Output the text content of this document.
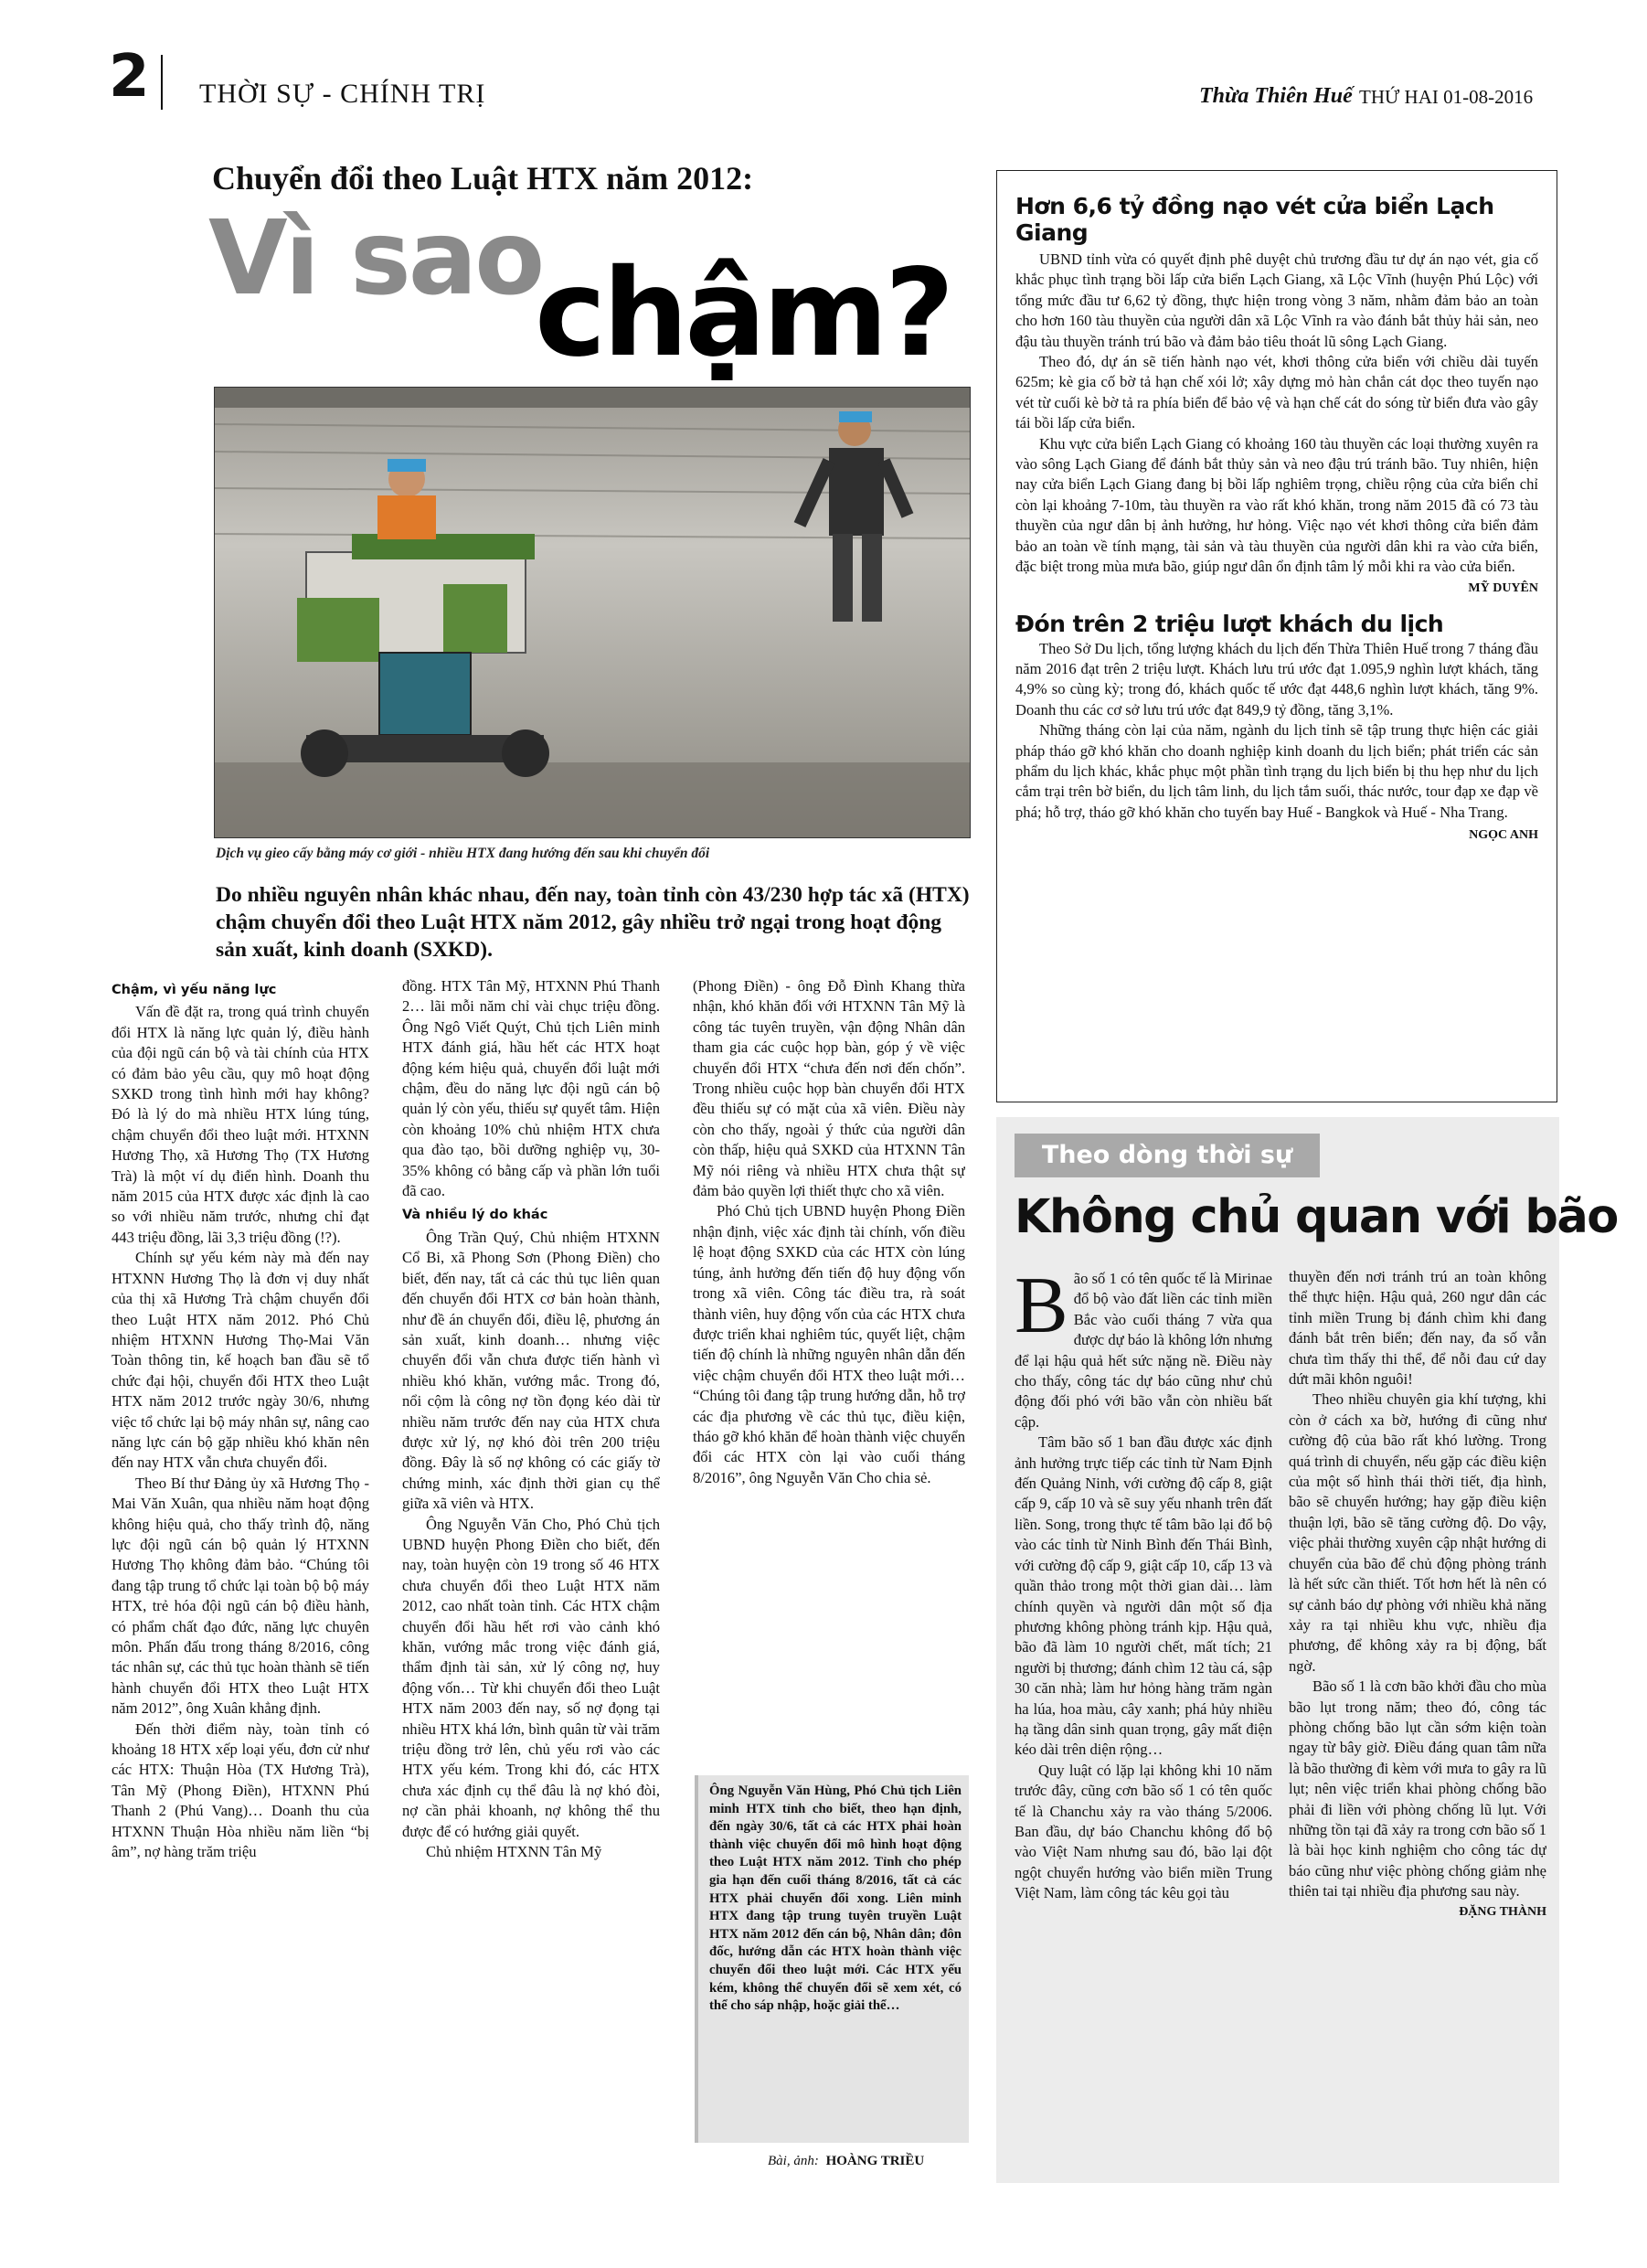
2 THỜI SỰ - CHÍNH TRỊ	Thừa Thiên Huế THỨ HAI 01-08-2016
Chuyển đổi theo Luật HTX năm 2012:
Vì sao
chậm?
Dịch vụ gieo cấy bằng máy cơ giới - nhiều HTX đang hướng đến sau khi chuyển đổi
Do nhiều nguyên nhân khác nhau, đến nay, toàn tỉnh còn 43/230 hợp tác xã (HTX) chậm chuyển đổi theo Luật HTX năm 2012, gây nhiều trở ngại trong hoạt động sản xuất, kinh doanh (SXKD).
Chậm, vì yếu năng lực

Vấn đề đặt ra, trong quá trình chuyển đổi HTX là năng lực quản lý, điều hành của đội ngũ cán bộ và tài chính của HTX có đảm bảo yêu cầu, quy mô hoạt động SXKD trong tình hình mới hay không? Đó là lý do mà nhiều HTX lúng túng, chậm chuyển đổi theo luật mới. HTXNN Hương Thọ, xã Hương Thọ (TX Hương Trà) là một ví dụ điển hình. Doanh thu năm 2015 của HTX được xác định là cao so với nhiều năm trước, nhưng chỉ đạt 443 triệu đồng, lãi 3,3 triệu đồng (!?).

Chính sự yếu kém này mà đến nay HTXNN Hương Thọ là đơn vị duy nhất của thị xã Hương Trà chậm chuyển đổi theo Luật HTX năm 2012. Phó Chủ nhiệm HTXNN Hương Thọ-Mai Văn Toàn thông tin, kế hoạch ban đầu sẽ tổ chức đại hội, chuyển đổi HTX theo Luật HTX năm 2012 trước ngày 30/6, nhưng việc tổ chức lại bộ máy nhân sự, nâng cao năng lực cán bộ gặp nhiều khó khăn nên đến nay HTX vẫn chưa chuyển đổi.

Theo Bí thư Đảng ủy xã Hương Thọ - Mai Văn Xuân, qua nhiều năm hoạt động không hiệu quả, cho thấy trình độ, năng lực đội ngũ cán bộ quản lý HTXNN Hương Thọ không đảm bảo. “Chúng tôi đang tập trung tổ chức lại toàn bộ bộ máy HTX, trẻ hóa đội ngũ cán bộ điều hành, có phẩm chất đạo đức, năng lực chuyên môn. Phấn đấu trong tháng 8/2016, công tác nhân sự, các thủ tục hoàn thành sẽ tiến hành chuyển đổi HTX theo Luật HTX năm 2012”, ông Xuân khẳng định.

Đến thời điểm này, toàn tỉnh có khoảng 18 HTX xếp loại yếu, đơn cử như các HTX: Thuận Hòa (TX Hương Trà), Tân Mỹ (Phong Điền), HTXNN Phú Thanh 2 (Phú Vang)… Doanh thu của HTXNN Thuận Hòa nhiều năm liền “bị âm”, nợ hàng trăm triệu

đồng. HTX Tân Mỹ, HTXNN Phú Thanh 2… lãi mỗi năm chỉ vài chục triệu đồng. Ông Ngô Viết Quýt, Chủ tịch Liên minh HTX đánh giá, hầu hết các HTX hoạt động kém hiệu quả, chuyển đổi luật mới chậm, đều do năng lực đội ngũ cán bộ quản lý còn yếu, thiếu sự quyết tâm. Hiện còn khoảng 10% chủ nhiệm HTX chưa qua đào tạo, bồi dưỡng nghiệp vụ, 30-35% không có bằng cấp và phần lớn tuổi đã cao.

Và nhiều lý do khác

Ông Trần Quý, Chủ nhiệm HTXNN Cổ Bi, xã Phong Sơn (Phong Điền) cho biết, đến nay, tất cả các thủ tục liên quan đến chuyển đổi HTX cơ bản hoàn thành, như đề án chuyển đổi, điều lệ, phương án sản xuất, kinh doanh… nhưng việc chuyển đổi vẫn chưa được tiến hành vì nhiều khó khăn, vướng mắc. Trong đó, nổi cộm là công nợ tồn đọng kéo dài từ nhiều năm trước đến nay của HTX chưa được xử lý, nợ khó đòi trên 200 triệu đồng. Đây là số nợ không có các giấy tờ chứng minh, xác định thời gian cụ thể giữa xã viên và HTX.

Ông Nguyễn Văn Cho, Phó Chủ tịch UBND huyện Phong Điền cho biết, đến nay, toàn huyện còn 19 trong số 46 HTX chưa chuyển đổi theo Luật HTX năm 2012, cao nhất toàn tỉnh. Các HTX chậm chuyển đổi hầu hết rơi vào cảnh khó khăn, vướng mắc trong việc đánh giá, thẩm định tài sản, xử lý công nợ, huy động vốn… Từ khi chuyển đổi theo Luật HTX năm 2003 đến nay, số nợ đọng tại nhiều HTX khá lớn, bình quân từ vài trăm triệu đồng trở lên, chủ yếu rơi vào các HTX yếu kém. Trong khi đó, các HTX chưa xác định cụ thể đâu là nợ khó đòi, nợ cần phải khoanh, nợ không thể thu được để có hướng giải quyết.

Chủ nhiệm HTXNN Tân Mỹ

(Phong Điền) - ông Đỗ Đình Khang thừa nhận, khó khăn đối với HTXNN Tân Mỹ là công tác tuyên truyền, vận động Nhân dân tham gia các cuộc họp bàn, góp ý về việc chuyển đổi HTX “chưa đến nơi đến chốn”. Trong nhiều cuộc họp bàn chuyển đổi HTX đều thiếu sự có mặt của xã viên. Điều này còn cho thấy, ngoài ý thức của người dân còn thấp, hiệu quả SXKD của HTXNN Tân Mỹ nói riêng và nhiều HTX chưa thật sự đảm bảo quyền lợi thiết thực cho xã viên.

Phó Chủ tịch UBND huyện Phong Điền nhận định, việc xác định tài chính, vốn điều lệ hoạt động SXKD của các HTX còn lúng túng, ảnh hưởng đến tiến độ huy động vốn trong xã viên. Công tác điều tra, rà soát thành viên, huy động vốn của các HTX chưa được triển khai nghiêm túc, quyết liệt, chậm tiến độ chính là những nguyên nhân dẫn đến việc chậm chuyển đổi HTX theo luật mới… “Chúng tôi đang tập trung hướng dẫn, hỗ trợ các địa phương về các thủ tục, điều kiện, tháo gỡ khó khăn để hoàn thành việc chuyển đổi các HTX còn lại vào cuối tháng 8/2016”, ông Nguyễn Văn Cho chia sẻ.

Ông Nguyễn Văn Hùng, Phó Chủ tịch Liên minh HTX tỉnh cho biết, theo hạn định, đến ngày 30/6, tất cả các HTX phải hoàn thành việc chuyển đổi mô hình hoạt động theo Luật HTX năm 2012. Tỉnh cho phép gia hạn đến cuối tháng 8/2016, tất cả các HTX phải chuyển đổi xong. Liên minh HTX đang tập trung tuyên truyền Luật HTX năm 2012 đến cán bộ, Nhân dân; đôn đốc, hướng dẫn các HTX hoàn thành việc chuyển đổi theo luật mới. Các HTX yếu kém, không thể chuyển đổi sẽ xem xét, có thể cho sáp nhập, hoặc giải thể…
Bài, ảnh: HOÀNG TRIỀU
Hơn 6,6 tỷ đồng nạo vét cửa biển Lạch Giang

UBND tỉnh vừa có quyết định phê duyệt chủ trương đầu tư dự án nạo vét, gia cố khắc phục tình trạng bồi lấp cửa biển Lạch Giang, xã Lộc Vĩnh (huyện Phú Lộc) với tổng mức đầu tư 6,62 tỷ đồng, thực hiện trong vòng 3 năm, nhằm đảm bảo an toàn cho hơn 160 tàu thuyền của người dân xã Lộc Vĩnh ra vào đánh bắt thủy hải sản, neo đậu tàu thuyền tránh trú bão và đảm bảo tiêu thoát lũ sông Lạch Giang.

Theo đó, dự án sẽ tiến hành nạo vét, khơi thông cửa biển với chiều dài tuyến 625m; kè gia cố bờ tả hạn chế xói lở; xây dựng mỏ hàn chắn cát dọc theo tuyến nạo vét từ cuối kè bờ tả ra phía biển để bảo vệ và hạn chế cát do sóng từ biển đưa vào gây tái bồi lấp cửa biển.

Khu vực cửa biển Lạch Giang có khoảng 160 tàu thuyền các loại thường xuyên ra vào sông Lạch Giang để đánh bắt thủy sản và neo đậu trú tránh bão. Tuy nhiên, hiện nay cửa biển Lạch Giang đang bị bồi lấp nghiêm trọng, chiều rộng của cửa biển chỉ còn lại khoảng 7-10m, tàu thuyền ra vào rất khó khăn, trong năm 2015 đã có 73 tàu thuyền của ngư dân bị ảnh hưởng, hư hỏng. Việc nạo vét khơi thông cửa biển đảm bảo an toàn về tính mạng, tài sản và tàu thuyền của người dân khi ra vào cửa biển, đặc biệt trong mùa mưa bão, giúp ngư dân ổn định tâm lý mỗi khi ra vào cửa biển.

MỸ DUYÊN
Đón trên 2 triệu lượt khách du lịch

Theo Sở Du lịch, tổng lượng khách du lịch đến Thừa Thiên Huế trong 7 tháng đầu năm 2016 đạt trên 2 triệu lượt. Khách lưu trú ước đạt 1.095,9 nghìn lượt khách, tăng 4,9% so cùng kỳ; trong đó, khách quốc tế ước đạt 448,6 nghìn lượt khách, tăng 9%. Doanh thu các cơ sở lưu trú ước đạt 849,9 tỷ đồng, tăng 3,1%.

Những tháng còn lại của năm, ngành du lịch tỉnh sẽ tập trung thực hiện các giải pháp tháo gỡ khó khăn cho doanh nghiệp kinh doanh du lịch biển; phát triển các sản phẩm du lịch khác, khắc phục một phần tình trạng du lịch biển bị thu hẹp như du lịch cắm trại trên bờ biển, du lịch tâm linh, du lịch tắm suối, thác nước, tour đạp xe đạp về phá; hỗ trợ, tháo gỡ khó khăn cho tuyến bay Huế - Bangkok và Huế - Nha Trang.

NGỌC ANH
Theo dòng thời sự
Không chủ quan với bão
B ão số 1 có tên quốc tế là Mirinae đổ bộ vào đất liền các tỉnh miền Bắc vào cuối tháng 7 vừa qua được dự báo là không lớn nhưng để lại hậu quả hết sức nặng nề. Điều này cho thấy, công tác dự báo cũng như chủ động đối phó với bão vẫn còn nhiều bất cập.

Tâm bão số 1 ban đầu được xác định ảnh hưởng trực tiếp các tỉnh từ Nam Định đến Quảng Ninh, với cường độ cấp 8, giật cấp 9, cấp 10 và sẽ suy yếu nhanh trên đất liền. Song, trong thực tế tâm bão lại đổ bộ vào các tỉnh từ Ninh Bình đến Thái Bình, với cường độ cấp 9, giật cấp 10, cấp 13 và quần thảo trong một thời gian dài… làm chính quyền và người dân một số địa phương không phòng tránh kịp. Hậu quả, bão đã làm 10 người chết, mất tích; 21 người bị thương; đánh chìm 12 tàu cá, sập 30 căn nhà; làm hư hỏng hàng trăm ngàn ha lúa, hoa màu, cây xanh; phá hủy nhiều hạ tầng dân sinh quan trọng, gây mất điện kéo dài trên diện rộng…

Quy luật có lặp lại không khi 10 năm trước đây, cũng cơn bão số 1 có tên quốc tế là Chanchu xảy ra vào tháng 5/2006. Ban đầu, dự báo Chanchu không đổ bộ vào Việt Nam nhưng sau đó, bão lại đột ngột chuyển hướng vào biển miền Trung Việt Nam, làm công tác kêu gọi tàu

thuyền đến nơi tránh trú an toàn không thể thực hiện. Hậu quả, 260 ngư dân các tỉnh miền Trung bị đánh chìm khi đang đánh bắt trên biển; đến nay, đa số vẫn chưa tìm thấy thi thể, để nỗi đau cứ day dứt mãi khôn nguôi!

Theo nhiều chuyên gia khí tượng, khi còn ở cách xa bờ, hướng đi cũng như cường độ của bão rất khó lường. Trong quá trình di chuyển, nếu gặp các điều kiện của một số hình thái thời tiết, địa hình, bão sẽ chuyển hướng; hay gặp điều kiện thuận lợi, bão sẽ tăng cường độ. Do vậy, việc phải thường xuyên cập nhật hướng di chuyển của bão để chủ động phòng tránh là hết sức cần thiết. Tốt hơn hết là nên có sự cảnh báo dự phòng với nhiều khả năng xảy ra tại nhiều khu vực, nhiều địa phương, để không xảy ra bị động, bất ngờ.

Bão số 1 là cơn bão khởi đầu cho mùa bão lụt trong năm; theo đó, công tác phòng chống bão lụt cần sớm kiện toàn ngay từ bây giờ. Điều đáng quan tâm nữa là bão thường đi kèm với mưa to gây ra lũ lụt; nên việc triển khai phòng chống bão phải đi liền với phòng chống lũ lụt. Với những tồn tại đã xảy ra trong cơn bão số 1 là bài học kinh nghiệm cho công tác dự báo cũng như việc phòng chống giảm nhẹ thiên tai tại nhiều địa phương sau này.

ĐẶNG THÀNH
